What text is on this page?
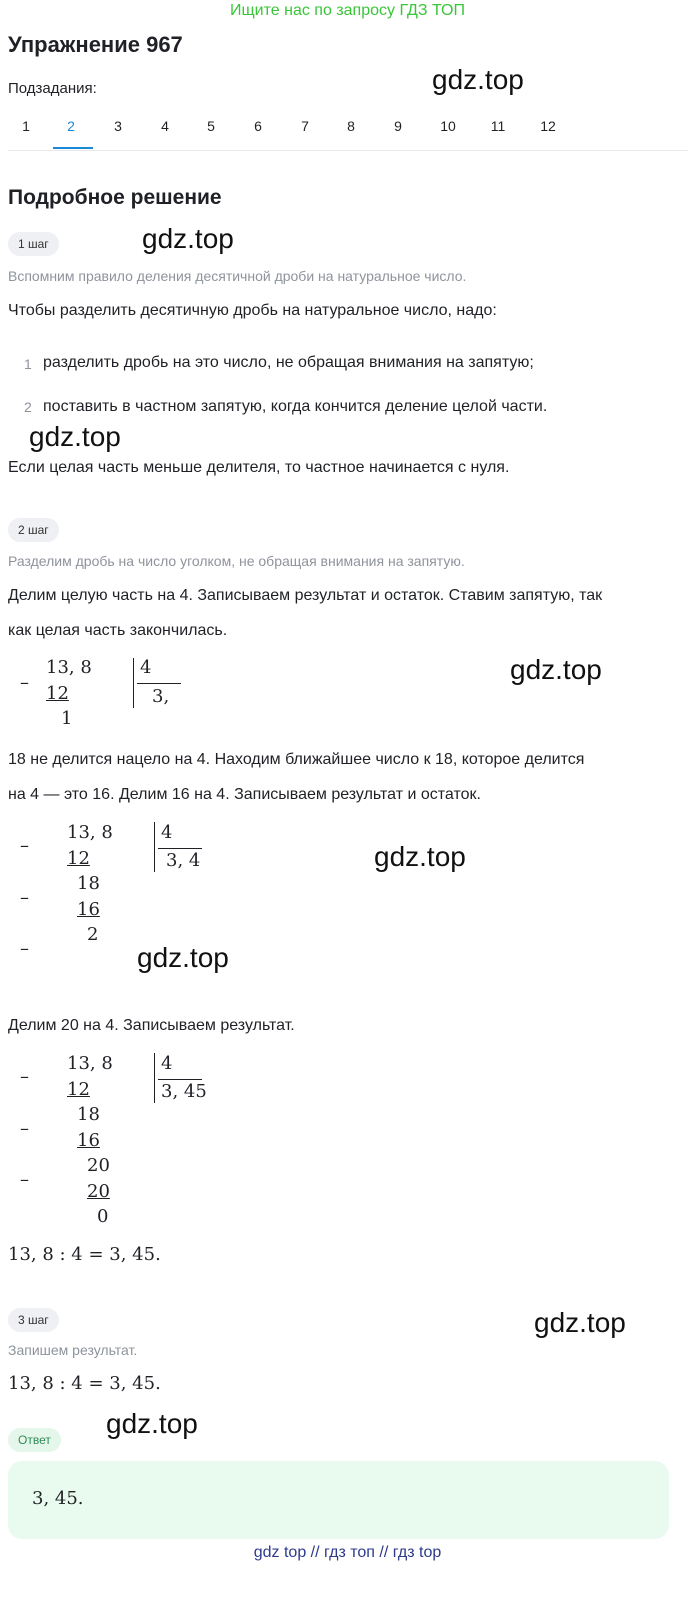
Ищите нас по запросу ГДЗ ТОП
Упражнение 967
Подзадания:	gdz.top
1	2	3	4	5	6	7	8	9	10	11	12
Подробное решение
1 шаг	gdz.top
Вспомним правило деления десятичной дроби на натуральное число.
Чтобы разделить десятичную дробь на натуральное число, надо:
1 разделить дробь на это число, не обращая внимания на запятую;
2 поставить в частном запятую, когда кончится деление целой части.
gdz.top
Если целая часть меньше делителя, то частное начинается с нуля.
2 шаг
Разделим дробь на число уголком, не обращая внимания на запятую.
Делим целую часть на 4. Записываем результат и остаток. Ставим запятую, так
как целая часть закончилась.
–
13, 8
12
1
4
3,
gdz.top
18 не делится нацело на 4. Находим ближайшее число к 18, которое делится
на 4 — это 16. Делим 16 на 4. Записываем результат и остаток.
–
–
–
13, 8
12
18
16
2
4
3, 4	gdz.top
gdz.top
Делим 20 на 4. Записываем результат.
–
–
–
13, 8
12
18
16
20
20
0
4
3, 45
13, 8 : 4 = 3, 45.
3 шаг	gdz.top
Запишем результат.
13, 8 : 4 = 3, 45.
Ответ
gdz.top
3, 45.
gdz top // гдз топ // гдз top
